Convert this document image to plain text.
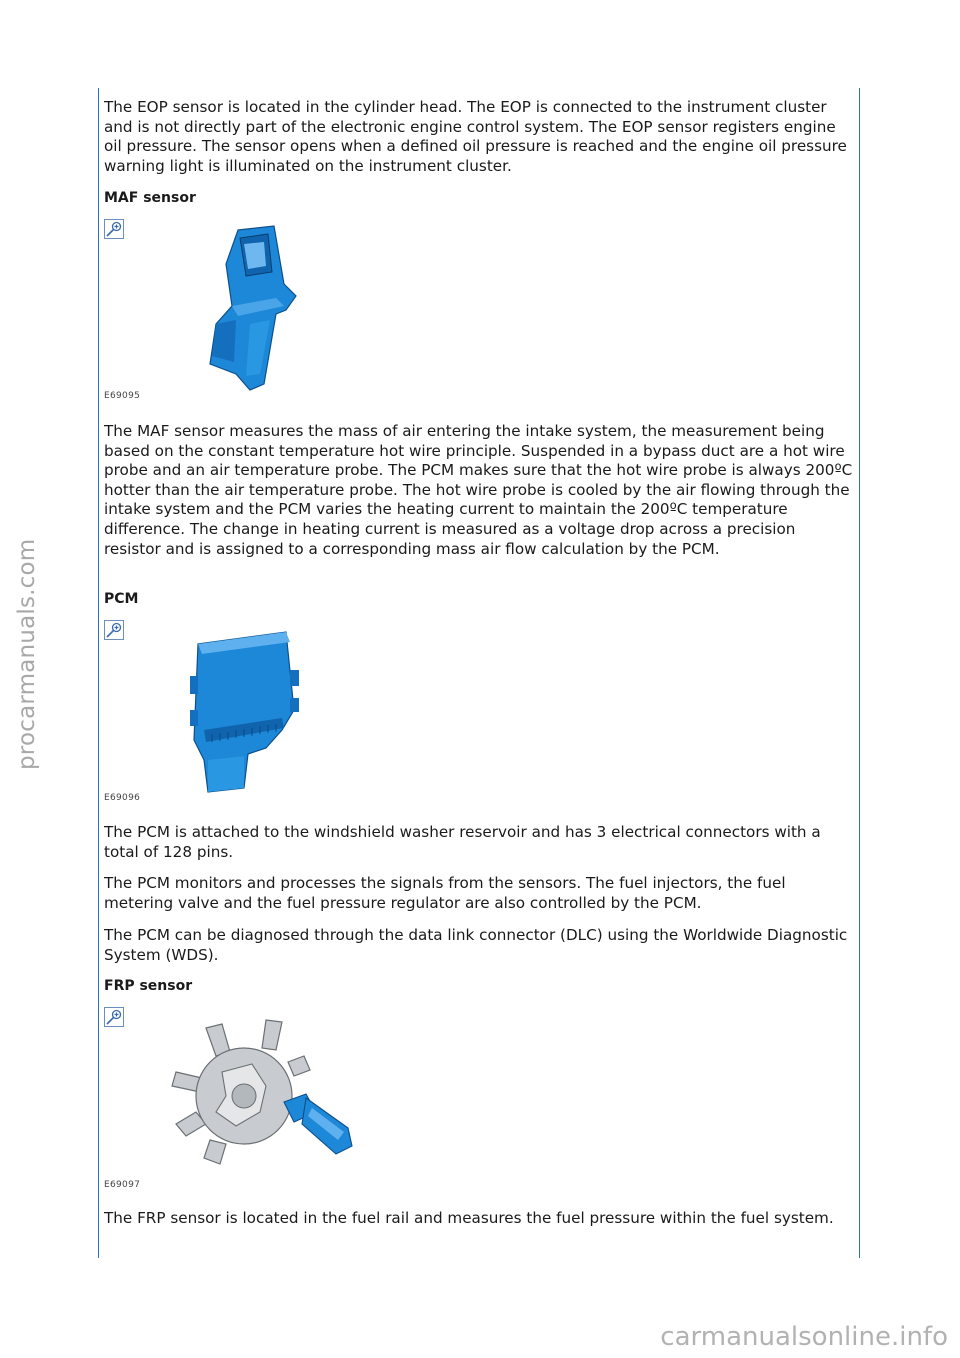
procarmanuals.com
carmanualsonline.info

The EOP sensor is located in the cylinder head. The EOP is connected to the instrument cluster and is not directly part of the electronic engine control system. The EOP sensor registers engine oil pressure. The sensor opens when a defined oil pressure is reached and the engine oil pressure warning light is illuminated on the instrument cluster.

MAF sensor

E69095

The MAF sensor measures the mass of air entering the intake system, the measurement being based on the constant temperature hot wire principle. Suspended in a bypass duct are a hot wire probe and an air temperature probe. The PCM makes sure that the hot wire probe is always 200ºC hotter than the air temperature probe. The hot wire probe is cooled by the air flowing through the intake system and the PCM varies the heating current to maintain the 200ºC temperature difference. The change in heating current is measured as a voltage drop across a precision resistor and is assigned to a corresponding mass air flow calculation by the PCM.

PCM

E69096

The PCM is attached to the windshield washer reservoir and has 3 electrical connectors with a total of 128 pins.

The PCM monitors and processes the signals from the sensors. The fuel injectors, the fuel metering valve and the fuel pressure regulator are also controlled by the PCM.

The PCM can be diagnosed through the data link connector (DLC) using the Worldwide Diagnostic System (WDS).

FRP sensor

E69097

The FRP sensor is located in the fuel rail and measures the fuel pressure within the fuel system.
